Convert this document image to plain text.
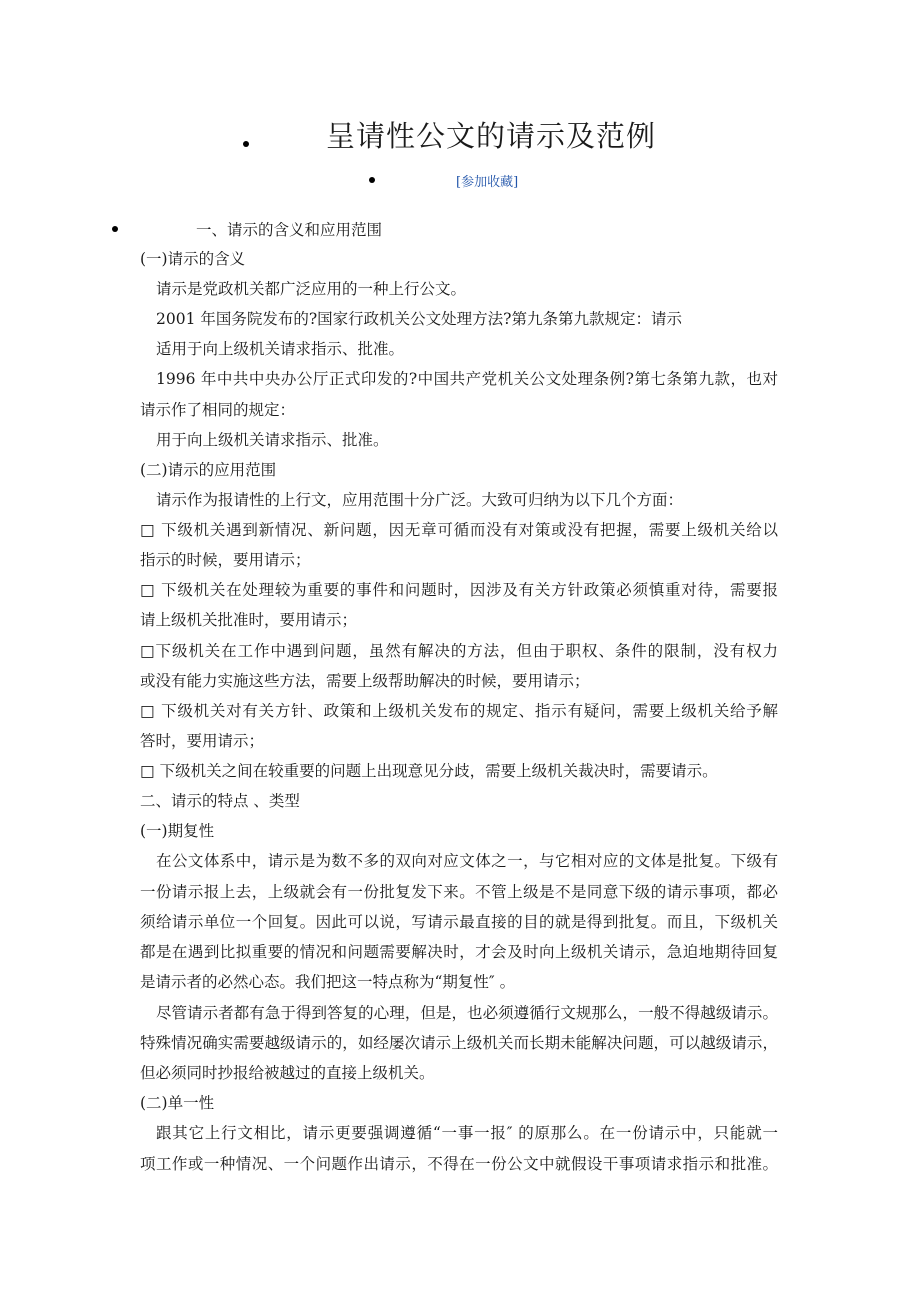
呈请性公文的请示及范例
[参加收藏]
一、请示的含义和应用范围
(一)请示的含义
请示是党政机关都广泛应用的一种上行公文。
2001 年国务院发布的?国家行政机关公文处理方法?第九条第九款规定：请示
适用于向上级机关请求指示、批准。
1996 年中共中央办公厅正式印发的?中国共产党机关公文处理条例?第七条第九款，也对
请示作了相同的规定：
用于向上级机关请求指示、批准。
(二)请示的应用范围
请示作为报请性的上行文，应用范围十分广泛。大致可归纳为以下几个方面：
□ 下级机关遇到新情况、新问题，因无章可循而没有对策或没有把握，需要上级机关给以
指示的时候，要用请示；
□ 下级机关在处理较为重要的事件和问题时，因涉及有关方针政策必须慎重对待，需要报
请上级机关批准时，要用请示；
□下级机关在工作中遇到问题，虽然有解决的方法，但由于职权、条件的限制，没有权力
或没有能力实施这些方法，需要上级帮助解决的时候，要用请示；
□ 下级机关对有关方针、政策和上级机关发布的规定、指示有疑问，需要上级机关给予解
答时，要用请示；
□ 下级机关之间在较重要的问题上出现意见分歧，需要上级机关裁决时，需要请示。
二、请示的特点 、类型
(一)期复性
在公文体系中，请示是为数不多的双向对应文体之一，与它相对应的文体是批复。下级有
一份请示报上去，上级就会有一份批复发下来。不管上级是不是同意下级的请示事项，都必
须给请示单位一个回复。因此可以说，写请示最直接的目的就是得到批复。而且，下级机关
都是在遇到比拟重要的情况和问题需要解决时，才会及时向上级机关请示，急迫地期待回复
是请示者的必然心态。我们把这一特点称为“期复性″ 。
尽管请示者都有急于得到答复的心理，但是，也必须遵循行文规那么，一般不得越级请示。
特殊情况确实需要越级请示的，如经屡次请示上级机关而长期未能解决问题，可以越级请示，
但必须同时抄报给被越过的直接上级机关。
(二)单一性
跟其它上行文相比，请示更要强调遵循“一事一报″ 的原那么。在一份请示中，只能就一
项工作或一种情况、一个问题作出请示，不得在一份公文中就假设干事项请求指示和批准。
